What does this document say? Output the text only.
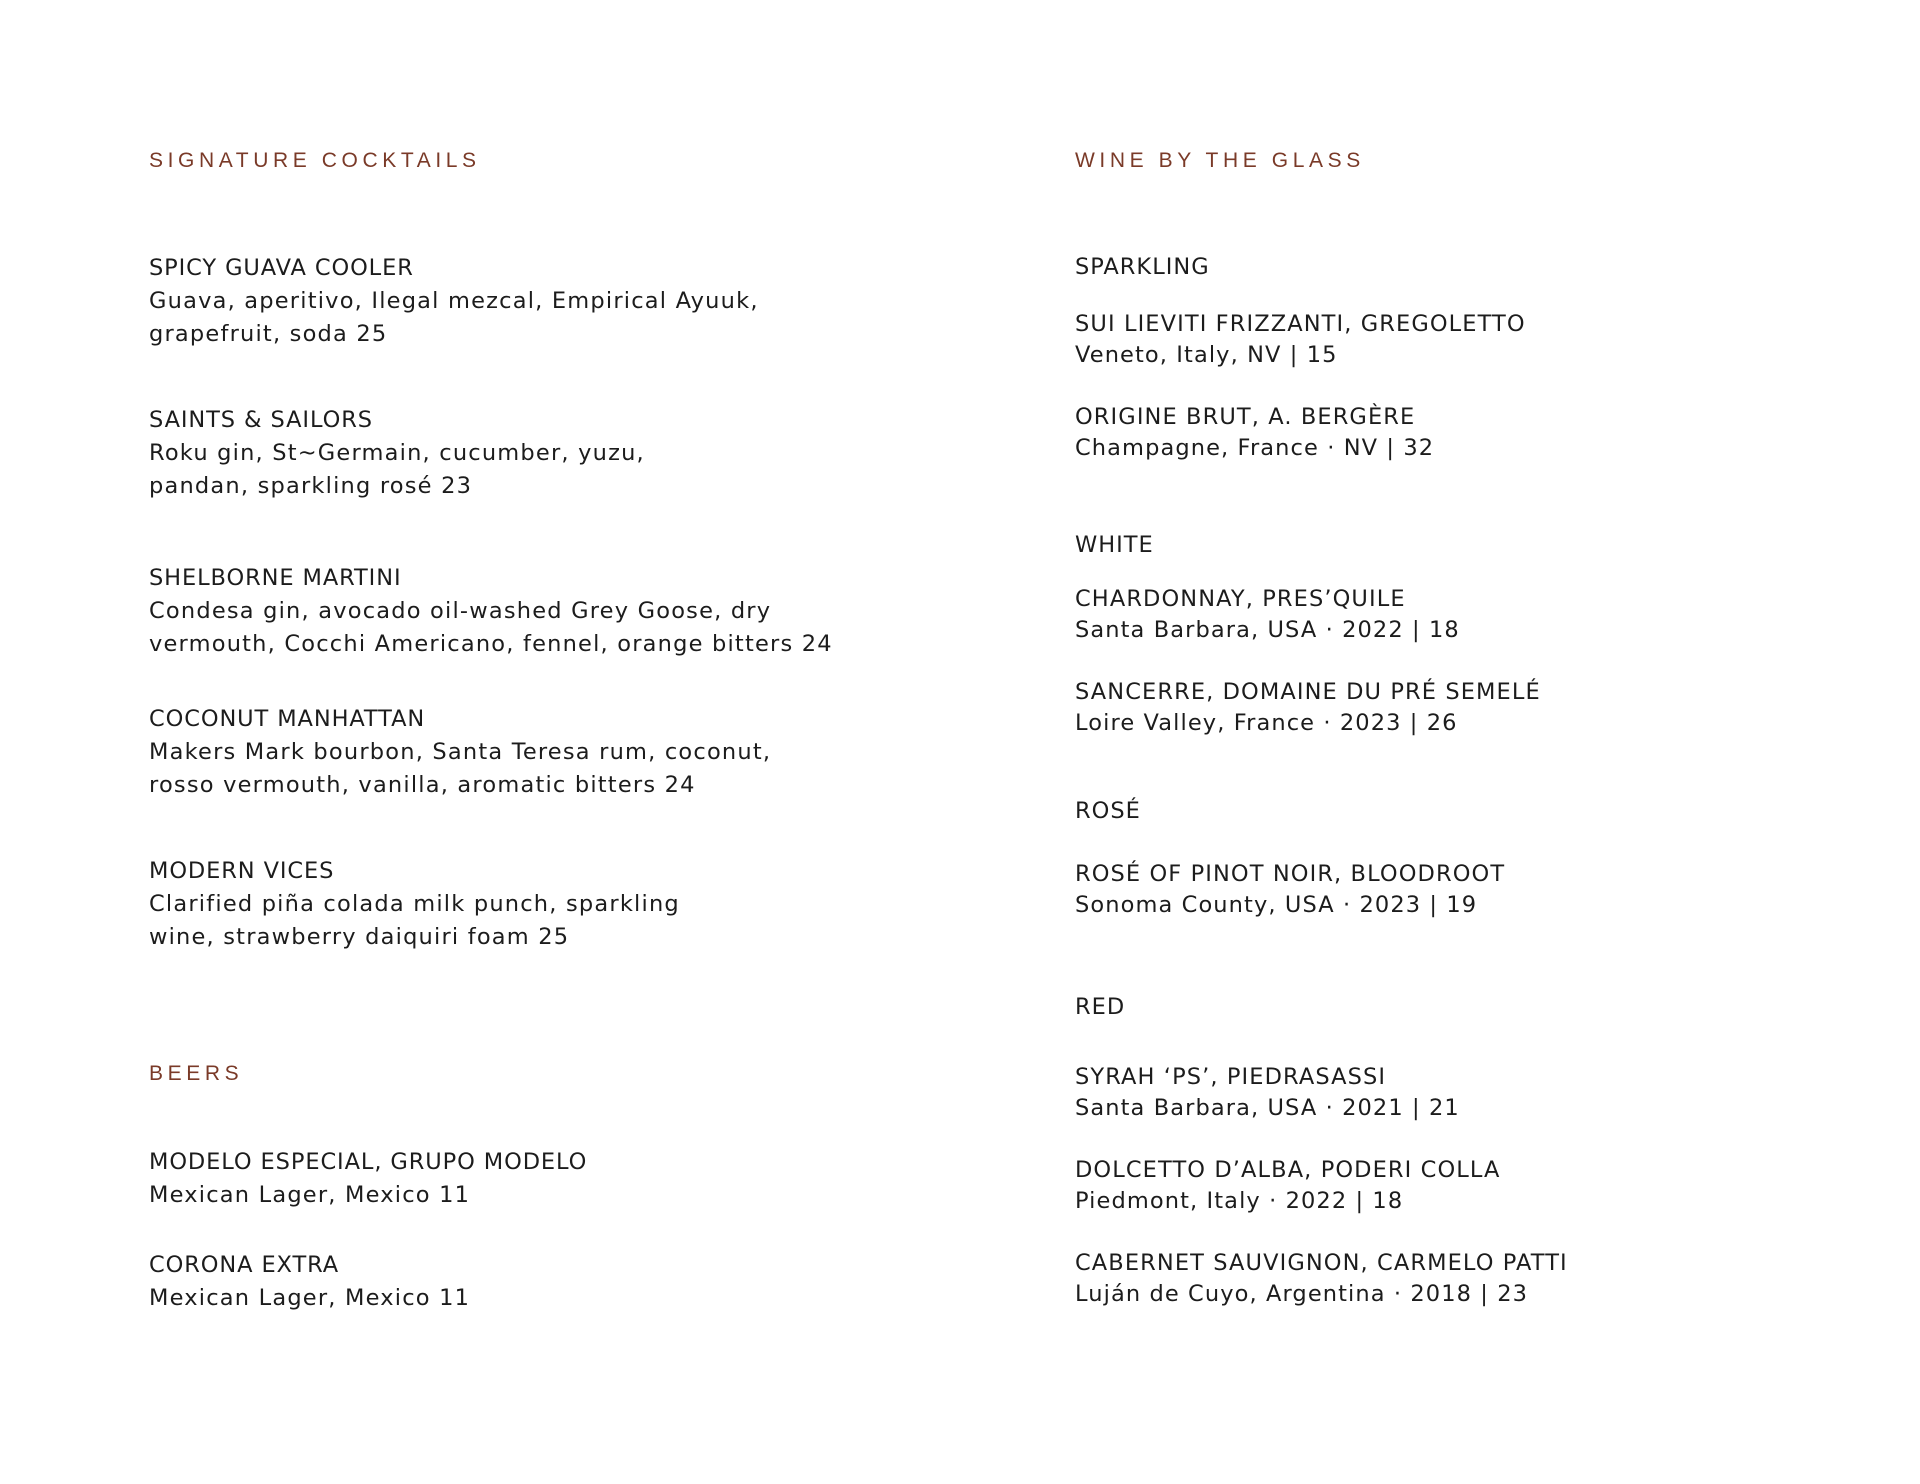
SIGNATURE COCKTAILS
SPICY GUAVA COOLER
Guava, aperitivo, Ilegal mezcal, Empirical Ayuuk,
grapefruit, soda 25
SAINTS & SAILORS
Roku gin, St~Germain, cucumber, yuzu,
pandan, sparkling rosé 23
SHELBORNE MARTINI
Condesa gin, avocado oil-washed Grey Goose, dry
vermouth, Cocchi Americano, fennel, orange bitters 24
COCONUT MANHATTAN
Makers Mark bourbon, Santa Teresa rum, coconut,
rosso vermouth, vanilla, aromatic bitters 24
MODERN VICES
Clarified piña colada milk punch, sparkling
wine, strawberry daiquiri foam 25
BEERS
MODELO ESPECIAL, GRUPO MODELO
Mexican Lager, Mexico 11
CORONA EXTRA
Mexican Lager, Mexico 11
WINE BY THE GLASS
SPARKLING
SUI LIEVITI FRIZZANTI, GREGOLETTO
Veneto, Italy, NV | 15
ORIGINE BRUT, A. BERGÈRE
Champagne, France · NV | 32
WHITE
CHARDONNAY, PRES’QUILE
Santa Barbara, USA · 2022 | 18
SANCERRE, DOMAINE DU PRÉ SEMELÉ
Loire Valley, France · 2023 | 26
ROSÉ
ROSÉ OF PINOT NOIR, BLOODROOT
Sonoma County, USA · 2023 | 19
RED
SYRAH ‘PS’, PIEDRASASSI
Santa Barbara, USA · 2021 | 21
DOLCETTO D’ALBA, PODERI COLLA
Piedmont, Italy · 2022 | 18
CABERNET SAUVIGNON, CARMELO PATTI
Luján de Cuyo, Argentina · 2018 | 23
